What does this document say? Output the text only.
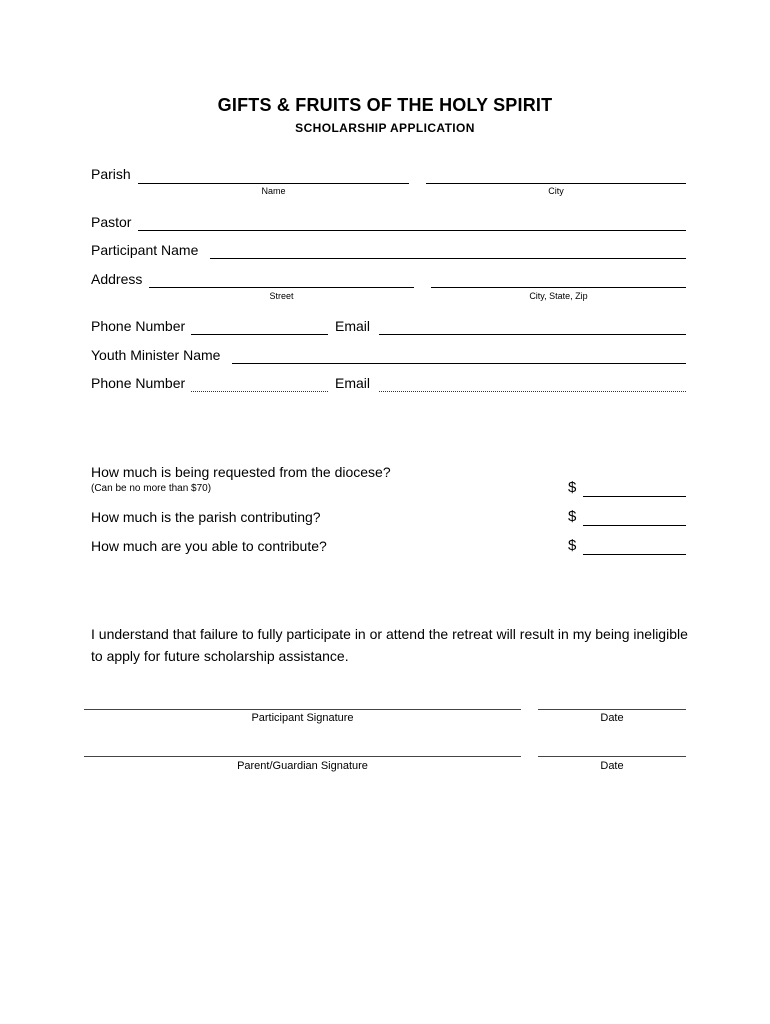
GIFTS & FRUITS OF THE HOLY SPIRIT
SCHOLARSHIP APPLICATION
Parish
Name	City
Pastor
Participant Name
Address
Street	City, State, Zip
Phone Number	Email
Youth Minister Name
Phone Number	Email
How much is being requested from the diocese?
(Can be no more than $70)	$
How much is the parish contributing?	$
How much are you able to contribute?	$
I understand that failure to fully participate in or attend the retreat will result in my being ineligible to apply for future scholarship assistance.
Participant Signature	Date
Parent/Guardian Signature	Date
